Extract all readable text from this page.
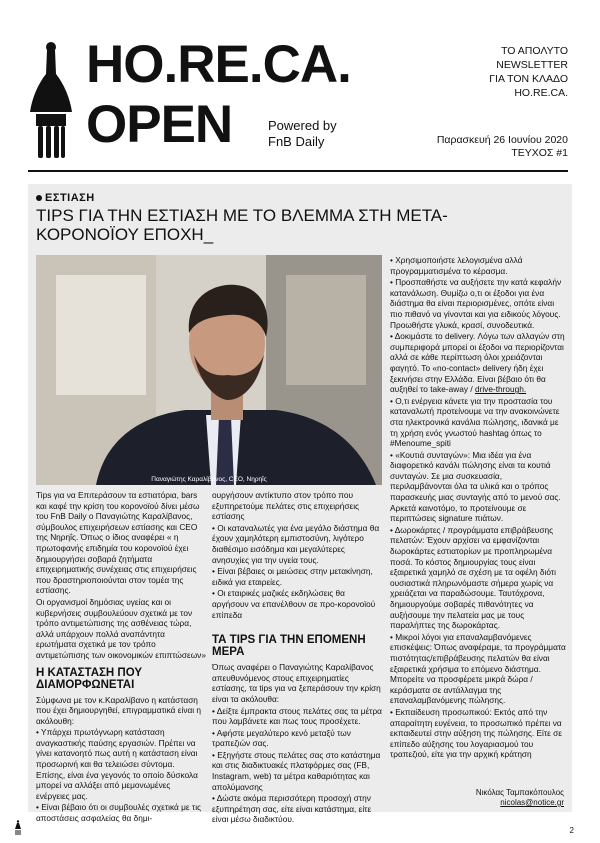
HO.RE.CA.
OPEN	Powered by
FnB Daily
ΤΟ ΑΠΟΛΥΤΟ
NEWSLETTER
ΓΙΑ ΤΟΝ ΚΛΑΔΟ
HO.RE.CA.
Παρασκευή 26 Ιουνίου 2020
ΤΕΥΧΟΣ #1
ΕΣΤΙΑΣΗ
TIPS ΓΙΑ ΤΗΝ ΕΣΤΙΑΣΗ ΜΕ ΤΟ ΒΛΕΜΜΑ ΣΤΗ ΜΕΤΑ-ΚΟΡΟΝΟΪΟΥ ΕΠΟΧΗ_
Παναγιώτης Καραλίβανος, CEO, Νηρηΐς

Tips για να Επιτεράσουν τα εστιατόρια, bars και καφέ την κρίση του κορονοϊού δίνει μέσω του FnB Daily ο Παναγιώτης Καραλίβανος, σύμβουλος επιχειρήσεων εστίασης και CEO της Νηρηΐς. Όπως ο ίδιος αναφέρει « η πρωτοφανής επιδημία του κορονοϊού έχει δημιουργήσει σοβαρά ζητήματα επιχειρηματικής συνέχειας στις επιχειρήσεις που δραστηριοποιούνται στον τομέα της εστίασης.

Οι οργανισμοί δημόσιας υγείας και οι κυβερνήσεις συμβουλεύουν σχετικά με τον τρόπο αντιμετώπισης της ασθένειας τώρα, αλλά υπάρχουν πολλά αναπάντητα ερωτήματα σχετικά με τον τρόπο αντιμετώπισης των οικονομικών επιπτώσεων»

Η ΚΑΤΑΣΤΑΣΗ ΠΟΥ ΔΙΑΜΟΡΦΩΝΕΤΑΙ

Σύμφωνα με τον κ.Καραλίβανο η κατάσταση που έχει δημιουργηθεί, επιγραμματικά είναι η ακόλουθη:

• Υπάρχει πρωτόγνωρη κατάσταση αναγκαστικής παύσης εργασιών. Πρέπει να γίνει κατανοητό πως αυτή η κατάσταση είναι προσωρινή και θα τελειώσει σύντομα. Επίσης, είναι ένα γεγονός το οποίο δύσκολα μπορεί να αλλάξει από μεμονωμένες ενέργειες μας.

• Είναι βέβαιο ότι οι συμβουλές σχετικά με τις αποστάσεις ασφαλείας θα δημι-

ουργήσουν αντίκτυπο στον τρόπο που εξυπηρετούμε πελάτες στις επιχειρήσεις εστίασης

• Οι καταναλωτές για ένα μεγάλο διάστημα θα έχουν χαμηλότερη εμπιστοσύνη, λιγότερο διαθέσιμο εισόδημα και μεγαλύτερες ανησυχίες για την υγεία τους.

• Είναι βέβαιες οι μειώσεις στην μετακίνηση, ειδικά για εταιρείες.

• Οι εταιρικές μαζικές εκδηλώσεις θα αργήσουν να επανέλθουν σε προ-κορονοϊού επίπεδα

ΤΑ TIPS ΓΙΑ ΤΗΝ ΕΠΟΜΕΝΗ ΜΕΡΑ

Όπως αναφέρει ο Παναγιώτης Καραλίβανος απευθυνόμενος στους επιχειρηματίες εστίασης, τα tips για να ξεπεράσουν την κρίση είναι τα ακόλουθα:

• Δείξτε έμπρακτα στους πελάτες σας τα μέτρα που λαμβάνετε και πως τους προσέχετε.

• Αφήστε μεγαλύτερο κενό μεταξύ των τραπεζιών σας.

• Εξηγήστε στους πελάτες σας στο κατάστημα και στις διαδικτυακές πλατφόρμες σας (FB, Instagram, web) τα μέτρα καθαριότητας και απολύμανσης

• Δώστε ακόμα περισσότερη προσοχή στην εξυπηρέτηση σας, είτε είναι κατάστημα, είτε είναι μέσω διαδικτύου.

• Χρησιμοποιήστε λελογισμένα αλλά προγραμματισμένα το κέρασμα.

• Προσπαθήστε να αυξήσετε την κατά κεφαλήν κατανάλωση. Θυμίζω ο,τι οι έξοδοι για ένα διάστημα θα είναι περιορισμένες, οπότε είναι πιο πιθανό να γίνονται και για ειδικούς λόγους. Προωθήστε γλυκά, κρασί, συνοδευτικά.

• Δοκιμάστε το delivery. Λόγω των αλλαγών στη συμπεριφορά μπορεί οι έξοδοι να περιορίζονται αλλά σε κάθε περίπτωση όλοι χρειάζονται φαγητό. Το «no-contact» delivery ήδη έχει ξεκινήσει στην Ελλάδα. Είναι βέβαιο ότι θα αυξηθεί το take-away / drive-through.

• Ο,τι ενέργεια κάνετε για την προστασία του καταναλωτή προτείνουμε να την ανακοινώνετε στα ηλεκτρονικά κανάλια πώλησης, ιδανικά με τη χρήση ενός γνωστού hashtag όπως το #Menoume_spiti

• «Κουτιά συνταγών»: Μια ιδέα για ένα διαφορετικό κανάλι πώλησης είναι τα κουτιά συνταγών. Σε μια συσκευασία, περιλαμβάνονται όλα τα υλικά και ο τρόπος παρασκευής μιας συνταγής από το μενού σας. Αρκετά καινοτόμο, το προτείνουμε σε περιπτώσεις signature πιάτων.

• Δωροκάρτες / προγράμματα επιβράβευσης πελατών: Έχουν αρχίσει να εμφανίζονται δωροκάρτες εστιατορίων με προπληρωμένα ποσά. Το κόστος δημιουργίας τους είναι εξαιρετικά χαμηλό σε σχέση με τα οφέλη διότι ουσιαστικά πληρωνόμαστε σήμερα χωρίς να χρειάζεται να παραδώσουμε. Ταυτόχρονα, δημιουργούμε σοβαρές πιθανότητες να αυξήσουμε την πελατεία μας με τους παραλήπτες της δωροκάρτας.

• Μικροί λόγοι για επαναλαμβανόμενες επισκέψεις: Όπως αναφέραμε, τα προγράμματα πιστότητας/επιβράβευσης πελατών θα είναι εξαιρετικά χρήσιμα το επόμενο διάστημα. Μπορείτε να προσφέρετε μικρά δώρα / κεράσματα σε αντάλλαγμα της επαναλαμβανόμενης πώλησης.

• Εκπαίδευση προσωπικού: Εκτός από την απαραίτητη ευγένεια, το προσωπικό πρέπει να εκπαιδευτεί στην αύξηση της πώλησης. Είτε σε επίπεδο αύξησης του λογαριασμού του τραπεζιού, είτε για την αρχική κράτηση

Νικόλας Ταμπακόπουλος
nicolas@notice.gr
2
